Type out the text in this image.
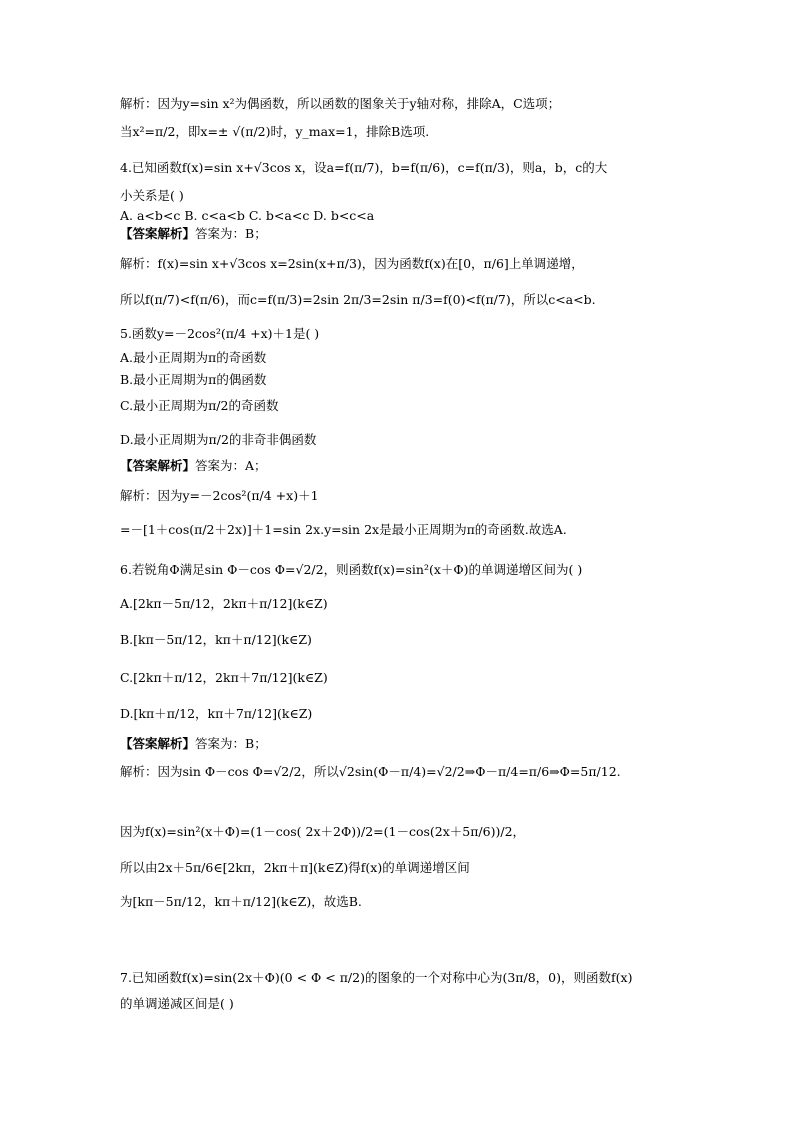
解析：因为y=sin x²为偶函数，所以函数的图象关于y轴对称，排除A，C选项；
当x²=π/2，即x=± √(π/2)时，y_max=1，排除B选项.
4.已知函数f(x)=sin x+√3cos x，设a=f(π/7)，b=f(π/6)，c=f(π/3)，则a，b，c的大
小关系是( )
A. a<b<c B. c<a<b C. b<a<c D. b<c<a
【答案解析】答案为：B；
解析：f(x)=sin x+√3cos x=2sin(x+π/3)，因为函数f(x)在[0，π/6]上单调递增，
所以f(π/7)<f(π/6)，而c=f(π/3)=2sin 2π/3=2sin π/3=f(0)<f(π/7)，所以c<a<b.
5.函数y=－2cos²(π/4 +x)＋1是( )
A.最小正周期为π的奇函数
B.最小正周期为π的偶函数
C.最小正周期为π/2的奇函数
D.最小正周期为π/2的非奇非偶函数
【答案解析】答案为：A；
解析：因为y=－2cos²(π/4 +x)＋1
=－[1＋cos(π/2＋2x)]＋1=sin 2x.y=sin 2x是最小正周期为π的奇函数.故选A.
6.若锐角Φ满足sin Φ－cos Φ=√2/2，则函数f(x)=sin²(x＋Φ)的单调递增区间为( )
A.[2kπ－5π/12，2kπ＋π/12](k∈Z)
B.[kπ－5π/12，kπ＋π/12](k∈Z)
C.[2kπ＋π/12，2kπ＋7π/12](k∈Z)
D.[kπ＋π/12，kπ＋7π/12](k∈Z)
【答案解析】答案为：B；
解析：因为sin Φ－cos Φ=√2/2，所以√2sin(Φ－π/4)=√2/2⇒Φ－π/4=π/6⇒Φ=5π/12.
因为f(x)=sin²(x＋Φ)=(1－cos( 2x＋2Φ))/2=(1－cos(2x＋5π/6))/2，
所以由2x＋5π/6∈[2kπ，2kπ＋π](k∈Z)得f(x)的单调递增区间
为[kπ－5π/12，kπ＋π/12](k∈Z)，故选B.
7.已知函数f(x)=sin(2x＋Φ)(0 < Φ < π/2)的图象的一个对称中心为(3π/8，0)，则函数f(x)
的单调递减区间是( )
